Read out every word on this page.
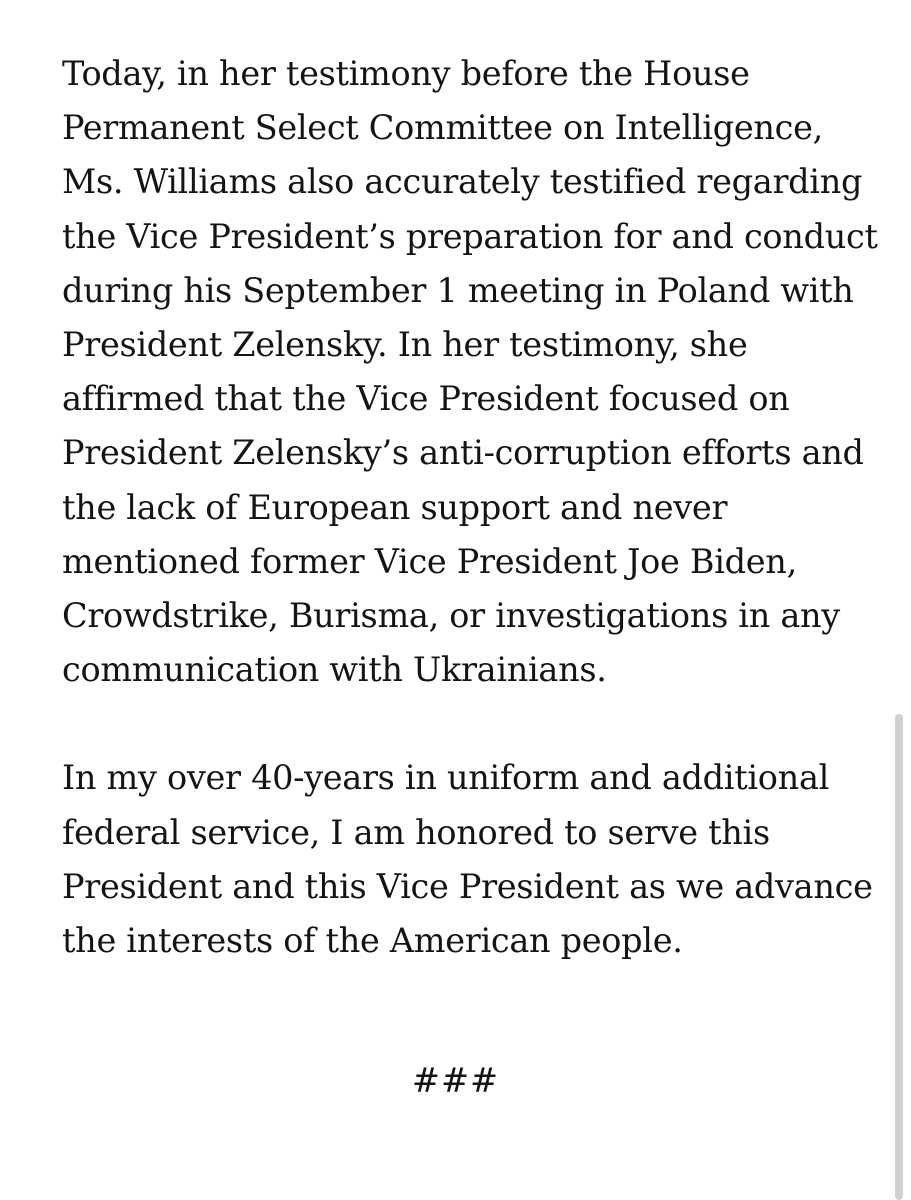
Today, in her testimony before the House
Permanent Select Committee on Intelligence,
Ms. Williams also accurately testified regarding
the Vice President’s preparation for and conduct
during his September 1 meeting in Poland with
President Zelensky. In her testimony, she
affirmed that the Vice President focused on
President Zelensky’s anti-corruption efforts and
the lack of European support and never
mentioned former Vice President Joe Biden,
Crowdstrike, Burisma, or investigations in any
communication with Ukrainians.

In my over 40-years in uniform and additional
federal service, I am honored to serve this
President and this Vice President as we advance
the interests of the American people.

###
